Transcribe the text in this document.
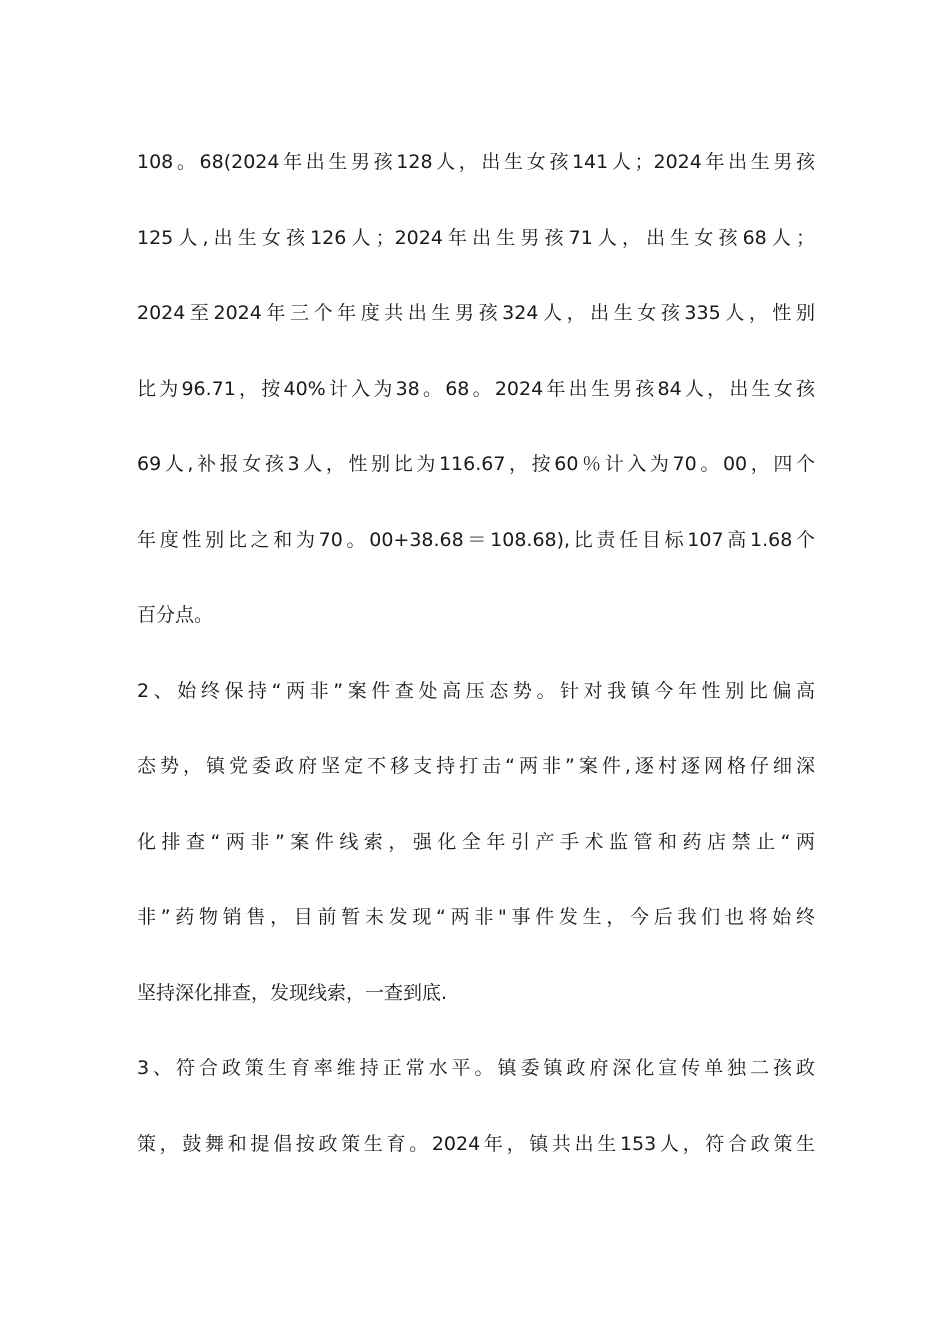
108。68(2024年出生男孩128人，出生女孩141人；2024年出生男孩
125人,出生女孩126人；2024年出生男孩71人，出生女孩68人；
2024至2024年三个年度共出生男孩324人，出生女孩335人，性别
比为96.71，按40%计入为38。68。2024年出生男孩84人，出生女孩
69人,补报女孩3人，性别比为116.67，按60％计入为70。00，四个
年度性别比之和为70。00+38.68＝108.68),比责任目标107高1.68个
百分点。
2、始终保持“两非”案件查处高压态势。针对我镇今年性别比偏高
态势，镇党委政府坚定不移支持打击“两非”案件,逐村逐网格仔细深
化排查“两非”案件线索，强化全年引产手术监管和药店禁止“两
非”药物销售，目前暂未发现“两非"事件发生，今后我们也将始终
坚持深化排查，发现线索，一查到底.
3、符合政策生育率维持正常水平。镇委镇政府深化宣传单独二孩政
策，鼓舞和提倡按政策生育。2024年，镇共出生153人，符合政策生
